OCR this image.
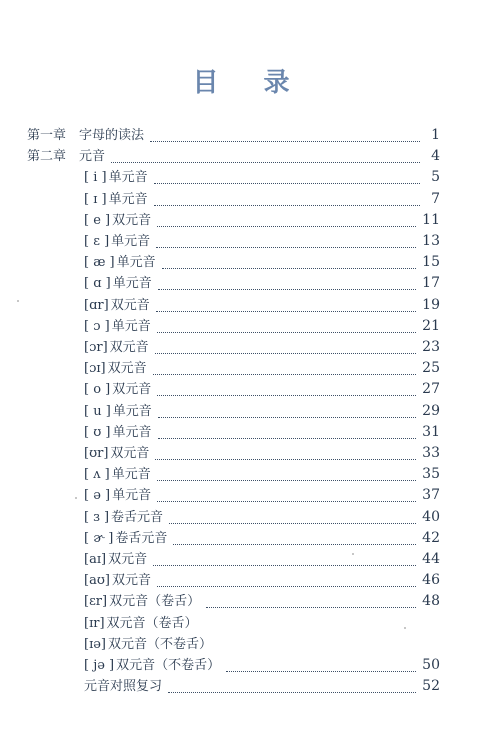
目 录
第一章 字母的读法	1
第二章 元音	4
[ i ] 单元音	5
[ ɪ ] 单元音	7
[ e ] 双元音	11
[ ɛ ] 单元音	13
[ æ ] 单元音	15
[ ɑ ] 单元音	17
[ɑr] 双元音	19
[ ɔ ] 单元音	21
[ɔr] 双元音	23
[ɔɪ] 双元音	25
[ o ] 双元音	27
[ u ] 单元音	29
[ ʊ ] 单元音	31
[ʊr] 双元音	33
[ ʌ ] 单元音	35
[ ə ] 单元音	37
[ ɜ ] 卷舌元音	40
[ ɚ ] 卷舌元音	42
[aɪ] 双元音	44
[aʊ] 双元音	46
[ɛr] 双元音（卷舌）	48
[ɪr] 双元音（卷舌）
[ɪə] 双元音（不卷舌）
[ jə ] 双元音（不卷舌）	50
元音对照复习	52
